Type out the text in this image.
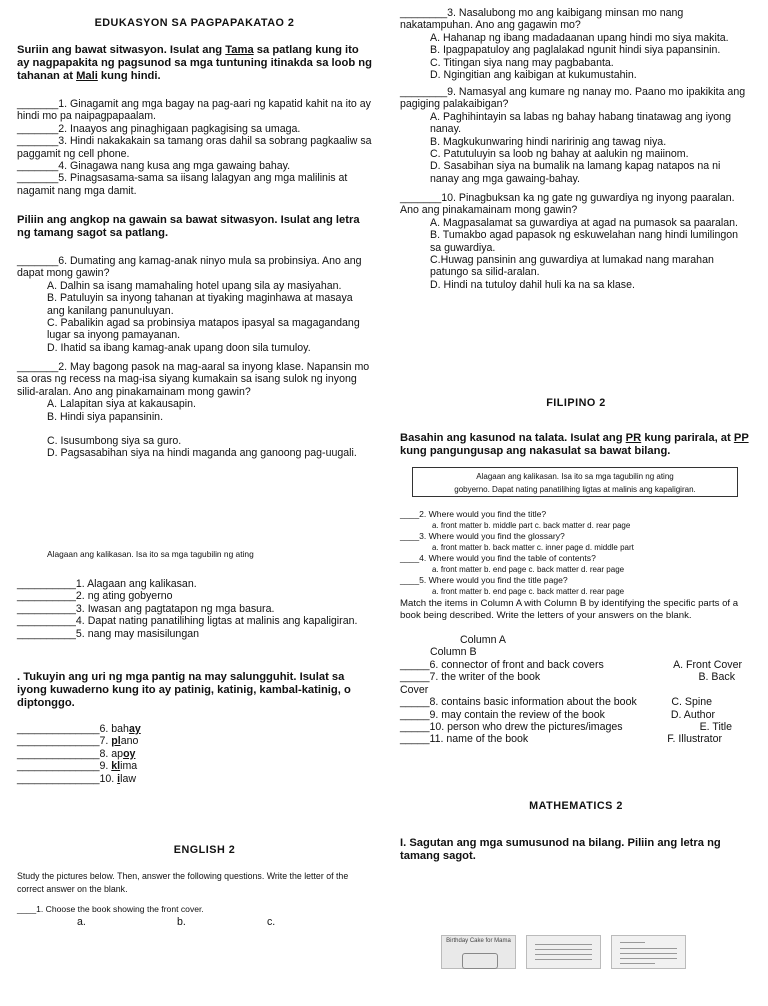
EDUKASYON SA PAGPAPAKATAO 2
Suriin ang bawat sitwasyon. Isulat ang Tama sa patlang kung ito ay nagpapakita ng pagsunod sa mga tuntuning itinakda sa loob ng tahanan at Mali kung hindi.
_______1. Ginagamit ang mga bagay na pag-aari ng kapatid kahit na ito ay hindi mo pa naipagpapaalam.
_______2. Inaayos ang pinaghigaan pagkagising sa umaga.
_______3. Hindi nakakakain sa tamang oras dahil sa sobrang pagkaaliw sa paggamit ng cell phone.
_______4. Ginagawa nang kusa ang mga gawaing bahay.
_______5. Pinagsasama-sama sa iisang lalagyan ang mga malilinis at nagamit nang mga damit.
Piliin ang angkop na gawain sa bawat sitwasyon. Isulat ang letra ng tamang sagot sa patlang.
_______6. Dumating ang kamag-anak ninyo mula sa probinsiya. Ano ang dapat mong gawin?
A. Dalhin sa isang mamahaling hotel upang sila ay masiyahan.
B. Patuluyin sa inyong tahanan at tiyaking maginhawa at masaya ang kanilang panunuluyan.
C. Pabalikin agad sa probinsiya matapos ipasyal sa magagandang lugar sa inyong pamayanan.
D. Ihatid sa ibang kamag-anak upang doon sila tumuloy.
_______2. May bagong pasok na mag-aaral sa inyong klase. Napansin mo sa oras ng recess na mag-isa siyang kumakain sa isang sulok ng inyong silid-aralan. Ano ang pinakamainam mong gawin?
A. Lalapitan siya at kakausapin.
B. Hindi siya papansinin.
C. Isusumbong siya sa guro.
D. Pagsasabihan siya na hindi maganda ang ganoong pag-uugali.
Alagaan ang kalikasan. Isa ito sa mga tagubilin ng ating
__________1. Alagaan ang kalikasan.
__________2. ng ating gobyerno
__________3. Iwasan ang pagtatapon ng mga basura.
__________4. Dapat nating panatilihing ligtas at malinis ang kapaligiran.
__________5. nang may masisilungan
. Tukuyin ang uri ng mga pantig na may salungguhit. Isulat sa iyong kuwaderno kung ito ay patinig, katinig, kambal-katinig, o diptonggo.
______________6. bahay
______________7. plano
______________8. apoy
______________9. klima
______________10. ilaw
ENGLISH 2
Study the pictures below. Then, answer the following questions. Write the letter of the correct answer on the blank.
____1. Choose the book showing the front cover.
a.	b.	c.
________3. Nasalubong mo ang kaibigang minsan mo nang nakatampuhan. Ano ang gagawin mo?
A. Hahanap ng ibang madadaanan upang hindi mo siya makita.
B. Ipagpapatuloy ang paglalakad ngunit hindi siya papansinin.
C. Titingan siya nang may pagbabanta.
D. Ngingitian ang kaibigan at kukumustahin.
________9. Namasyal ang kumare ng nanay mo. Paano mo ipakikita ang pagiging palakaibigan?
A. Paghihintayin sa labas ng bahay habang tinatawag ang iyong nanay.
B. Magkukunwaring hindi naririnig ang tawag niya.
C. Patutuluyin sa loob ng bahay at aalukin ng maiinom.
D. Sasabihan siya na bumalik na lamang kapag natapos na ni nanay ang mga gawaing-bahay.
_______10. Pinagbuksan ka ng gate ng guwardiya ng inyong paaralan. Ano ang pinakamainam mong gawin?
A. Magpasalamat sa guwardiya at agad na pumasok sa paaralan.
B. Tumakbo agad papasok ng eskuwelahan nang hindi lumilingon sa guwardiya.
C.Huwag pansinin ang guwardiya at lumakad nang marahan patungo sa silid-aralan.
D. Hindi na tutuloy dahil huli ka na sa klase.
FILIPINO 2
Basahin ang kasunod na talata. Isulat ang PR kung parirala, at PP kung pangungusap ang nakasulat sa bawat bilang.
Alagaan ang kalikasan. Isa ito sa mga tagubilin ng ating
gobyerno. Dapat nating panatilihing ligtas at malinis ang kapaligiran.
____2. Where would you find the title?
a. front matter b. middle part c. back matter d. rear page
____3. Where would you find the glossary?
a. front matter b. back matter c. inner page d. middle part
____4. Where would you find the table of contents?
a. front matter b. end page c. back matter d. rear page
____5. Where would you find the title page?
a. front matter b. end page c. back matter d. rear page
Match the items in Column A with Column B by identifying the specific parts of a book being described. Write the letters of your answers on the blank.
Column A
Column B
_____6. connector of front and back covers	A. Front Cover
_____7. the writer of the book	B. Back
Cover
_____8. contains basic information about the book	C. Spine
_____9. may contain the review of the book	D. Author
_____10. person who drew the pictures/images	E. Title
_____11. name of the book	F. Illustrator
MATHEMATICS 2
I. Sagutan ang mga sumusunod na bilang. Piliin ang letra ng tamang sagot.
Birthday Cake for Mama
